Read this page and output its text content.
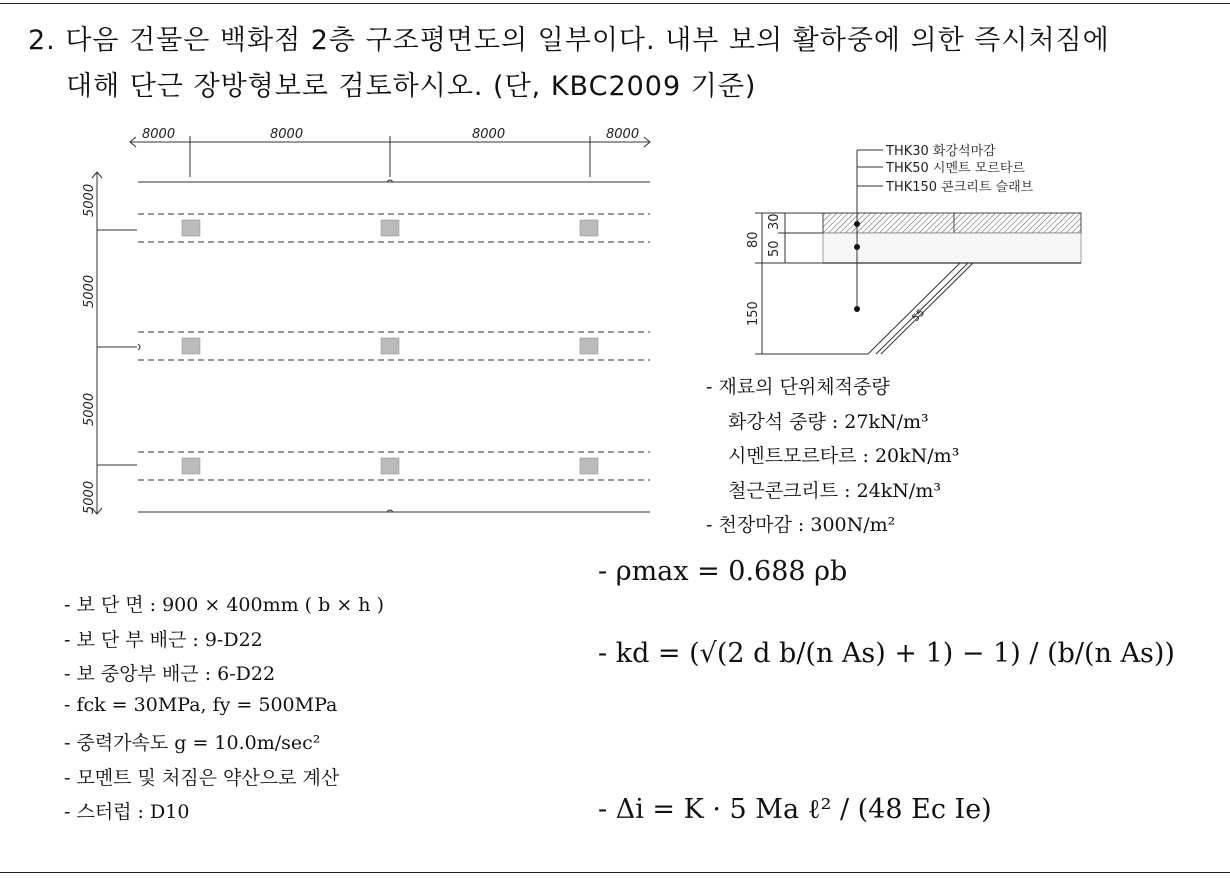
2. 다음 건물은 백화점 2층 구조평면도의 일부이다. 내부 보의 활하중에 의한 즉시처짐에
대해 단근 장방형보로 검토하시오. (단, KBC2009 기준)
8000	8000	8000	8000
5000
5000
5000
5000
THK30 화강석마감
THK50 시멘트 모르타르
THK150 콘크리트 슬래브
30
50
80
150	55
- 재료의 단위체적중량
화강석 중량 : 27kN/m³
시멘트모르타르 : 20kN/m³
철근콘크리트 : 24kN/m³
- 천장마감 : 300N/m²
- 보 단 면 : 900 × 400mm ( b × h )
- 보 단 부 배근 : 9-D22
- 보 중앙부 배근 : 6-D22
- fck = 30MPa, fy = 500MPa
- 중력가속도 g = 10.0m/sec²
- 모멘트 및 처짐은 약산으로 계산
- 스터럽 : D10
- ρmax = 0.688 ρb
- kd = (√(2 d b/(n As) + 1) − 1) / (b/(n As))
- Δi = K · 5 Ma ℓ² / (48 Ec Ie)
